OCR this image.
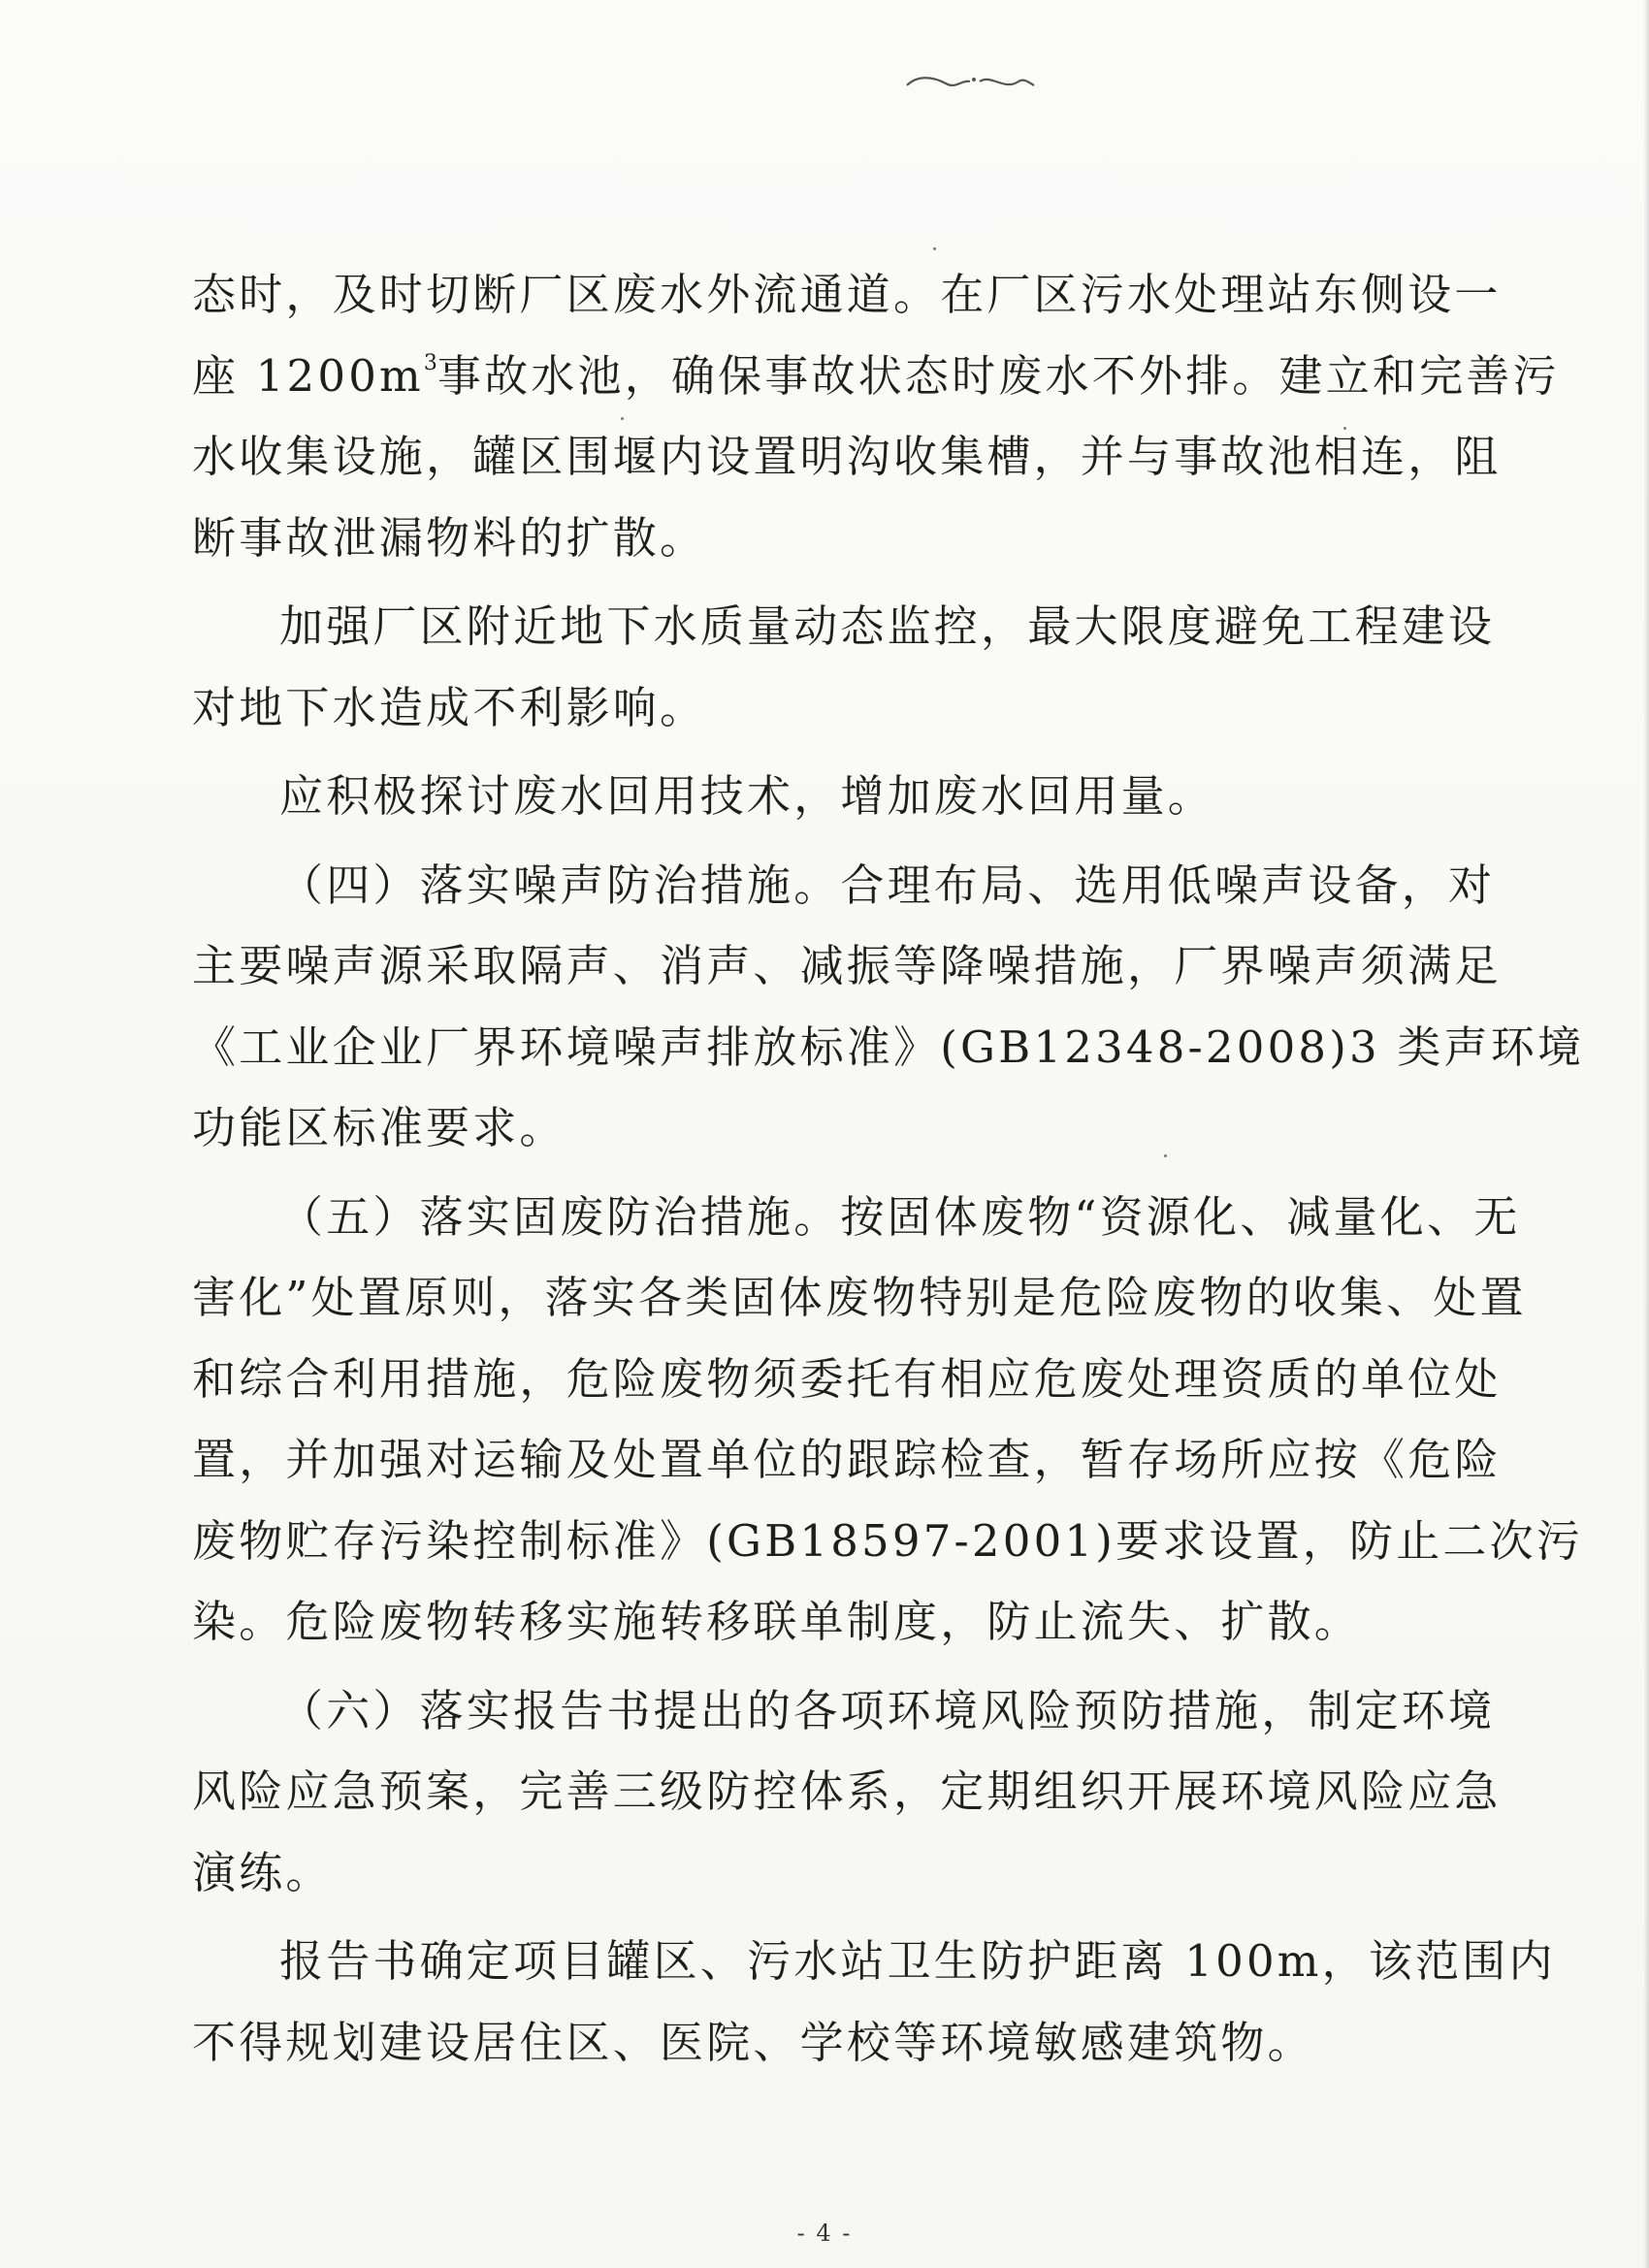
态时，及时切断厂区废水外流通道。在厂区污水处理站东侧设一
座 $1200m^3$事故水池，确保事故状态时废水不外排。建立和完善污
水收集设施，罐区围堰内设置明沟收集槽，并与事故池相连，阻
断事故泄漏物料的扩散。
加强厂区附近地下水质量动态监控，最大限度避免工程建设
对地下水造成不利影响。
应积极探讨废水回用技术，增加废水回用量。
（四）落实噪声防治措施。合理布局、选用低噪声设备，对
主要噪声源采取隔声、消声、减振等降噪措施，厂界噪声须满足
《工业企业厂界环境噪声排放标准》(GB12348-2008)3 类声环境
功能区标准要求。
（五）落实固废防治措施。按固体废物“资源化、减量化、无
害化”处置原则，落实各类固体废物特别是危险废物的收集、处置
和综合利用措施，危险废物须委托有相应危废处理资质的单位处
置，并加强对运输及处置单位的跟踪检查，暂存场所应按《危险
废物贮存污染控制标准》(GB18597-2001)要求设置，防止二次污
染。危险废物转移实施转移联单制度，防止流失、扩散。
（六）落实报告书提出的各项环境风险预防措施，制定环境
风险应急预案，完善三级防控体系，定期组织开展环境风险应急
演练。
报告书确定项目罐区、污水站卫生防护距离 100m，该范围内
不得规划建设居住区、医院、学校等环境敏感建筑物。
- 4 -
